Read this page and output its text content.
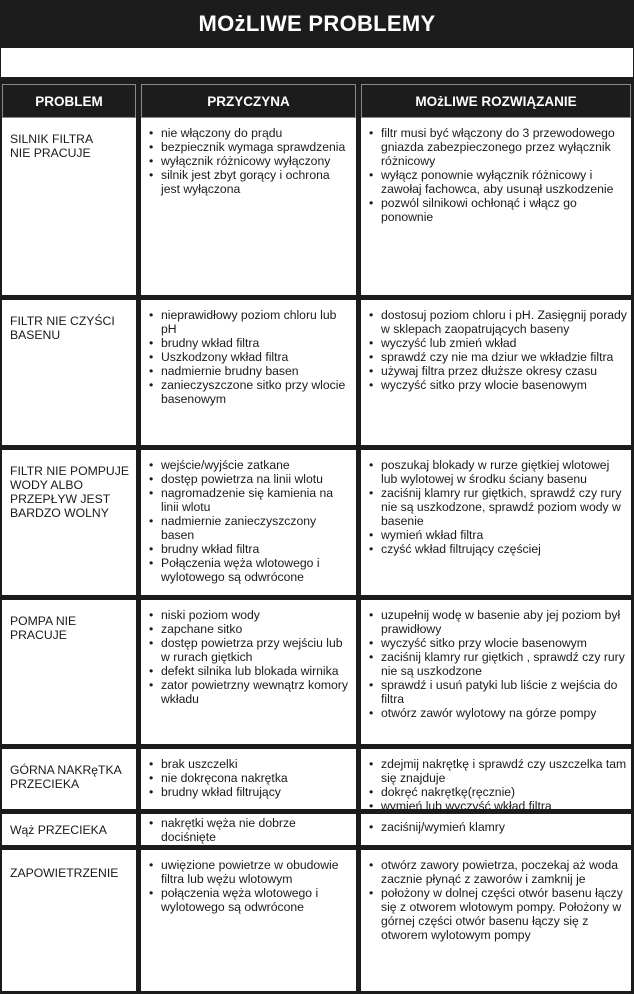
MOżLIWE PROBLEMY
PROBLEM	PRZYCZYNA	MOżLIWE ROZWIĄZANIE
SILNIK FILTRA
NIE PRACUJE
• nie włączony do prądu
• bezpiecznik wymaga sprawdzenia
• wyłącznik różnicowy wyłączony
• silnik jest zbyt gorący i ochrona jest wyłączona
• filtr musi być włączony do 3 przewodowego gniazda zabezpieczonego przez wyłącznik różnicowy
• wyłącz ponownie wyłącznik różnicowy i zawołaj fachowca, aby usunął uszkodzenie
• pozwól silnikowi ochłonąć i włącz go ponownie
FILTR NIE CZYŚCI
BASENU
• nieprawidłowy poziom chloru lub pH
• brudny wkład filtra
• Uszkodzony wkład filtra
• nadmiernie brudny basen
• zanieczyszczone sitko przy wlocie basenowym
• dostosuj poziom chloru i pH. Zasięgnij porady w sklepach zaopatrujących baseny
• wyczyść lub zmień wkład
• sprawdź czy nie ma dziur we wkładzie filtra
• używaj filtra przez dłuższe okresy czasu
• wyczyść sitko przy wlocie basenowym
FILTR NIE POMPUJE
WODY ALBO
PRZEPŁYW JEST
BARDZO WOLNY
• wejście/wyjście zatkane
• dostęp powietrza na linii wlotu
• nagromadzenie się kamienia na linii wlotu
• nadmiernie zanieczyszczony basen
• brudny wkład filtra
• Połączenia węża wlotowego i wylotowego są odwrócone
• poszukaj blokady w rurze giętkiej wlotowej lub wylotowej w środku ściany basenu
• zaciśnij klamry rur giętkich, sprawdź czy rury nie są uszkodzone, sprawdź poziom wody w basenie
• wymień wkład filtra
• czyść wkład filtrujący częściej
POMPA NIE
PRACUJE
• niski poziom wody
• zapchane sitko
• dostęp powietrza przy wejściu lub w rurach giętkich
• defekt silnika lub blokada wirnika
• zator powietrzny wewnątrz komory wkładu
• uzupełnij wodę w basenie aby jej poziom był prawidłowy
• wyczyść sitko przy wlocie basenowym
• zaciśnij klamry rur giętkich , sprawdź czy rury nie są uszkodzone
• sprawdź i usuń patyki lub liście z wejścia do filtra
• otwórz zawór wylotowy na górze pompy
GÓRNA NAKRęTKA
PRZECIEKA
• brak uszczelki
• nie dokręcona nakrętka
• brudny wkład filtrujący
• zdejmij nakrętkę i sprawdź czy uszczelka tam się znajduje
• dokręć nakrętkę(ręcznie)
• wymień lub wyczyść wkład filtra
Wąż PRZECIEKA
•	nakrętki węża nie dobrze dociśnięte
• zaciśnij/wymień klamry
ZAPOWIETRZENIE
• uwięzione powietrze w obudowie filtra lub wężu wlotowym
• połączenia węża wlotowego i wylotowego są odwrócone
• otwórz zawory powietrza, poczekaj aż woda zacznie płynąć z zaworów i zamknij je
• położony w dolnej części otwór basenu łączy się z otworem wlotowym pompy. Położony w górnej części otwór basenu łączy się z otworem wylotowym pompy
